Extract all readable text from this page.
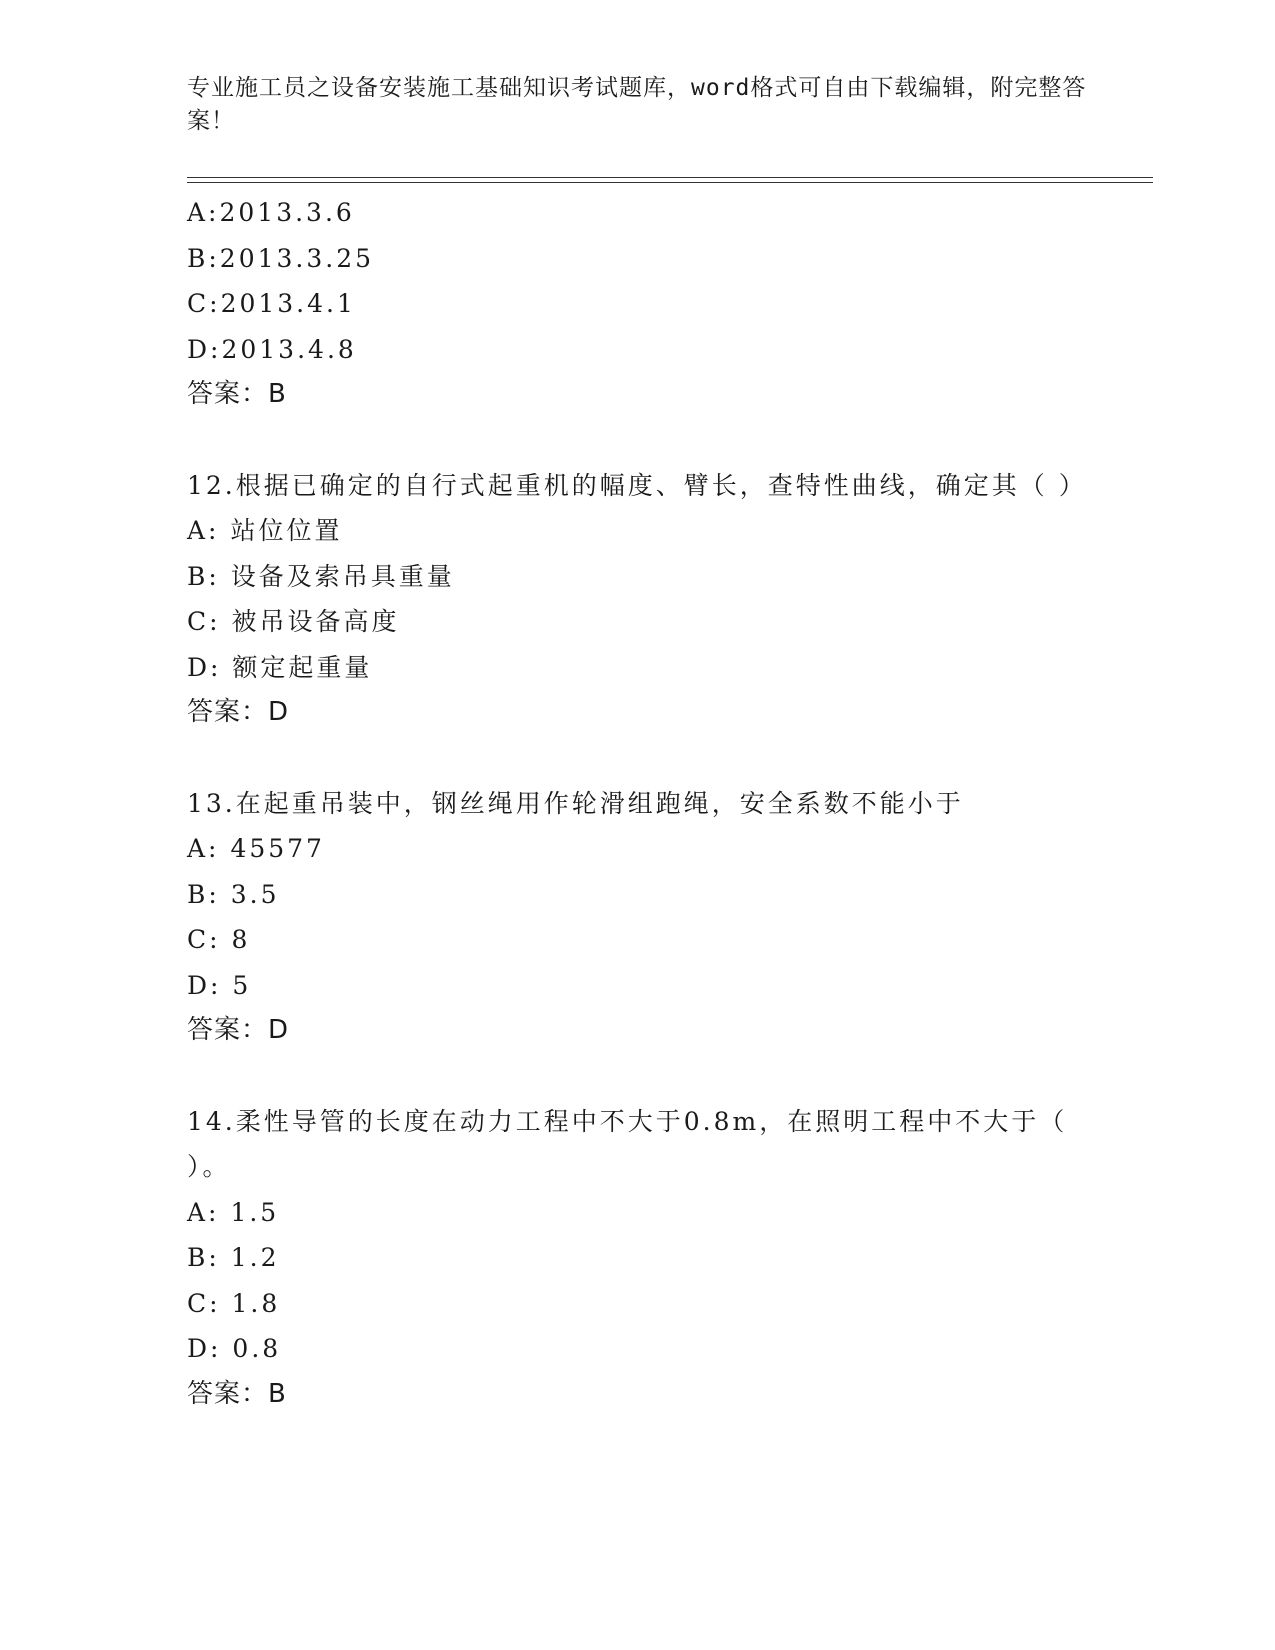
专业施工员之设备安装施工基础知识考试题库，word格式可自由下载编辑，附完整答案！
A:2013.3.6
B:2013.3.25
C:2013.4.1
D:2013.4.8
答案：B
12.根据已确定的自行式起重机的幅度、臂长，查特性曲线，确定其（ ）
A: 站位位置
B: 设备及索吊具重量
C: 被吊设备高度
D: 额定起重量
答案：D
13.在起重吊装中，钢丝绳用作轮滑组跑绳，安全系数不能小于
A: 45577
B: 3.5
C: 8
D: 5
答案：D
14.柔性导管的长度在动力工程中不大于0.8m，在照明工程中不大于（ ）。
A: 1.5
B: 1.2
C: 1.8
D: 0.8
答案：B
